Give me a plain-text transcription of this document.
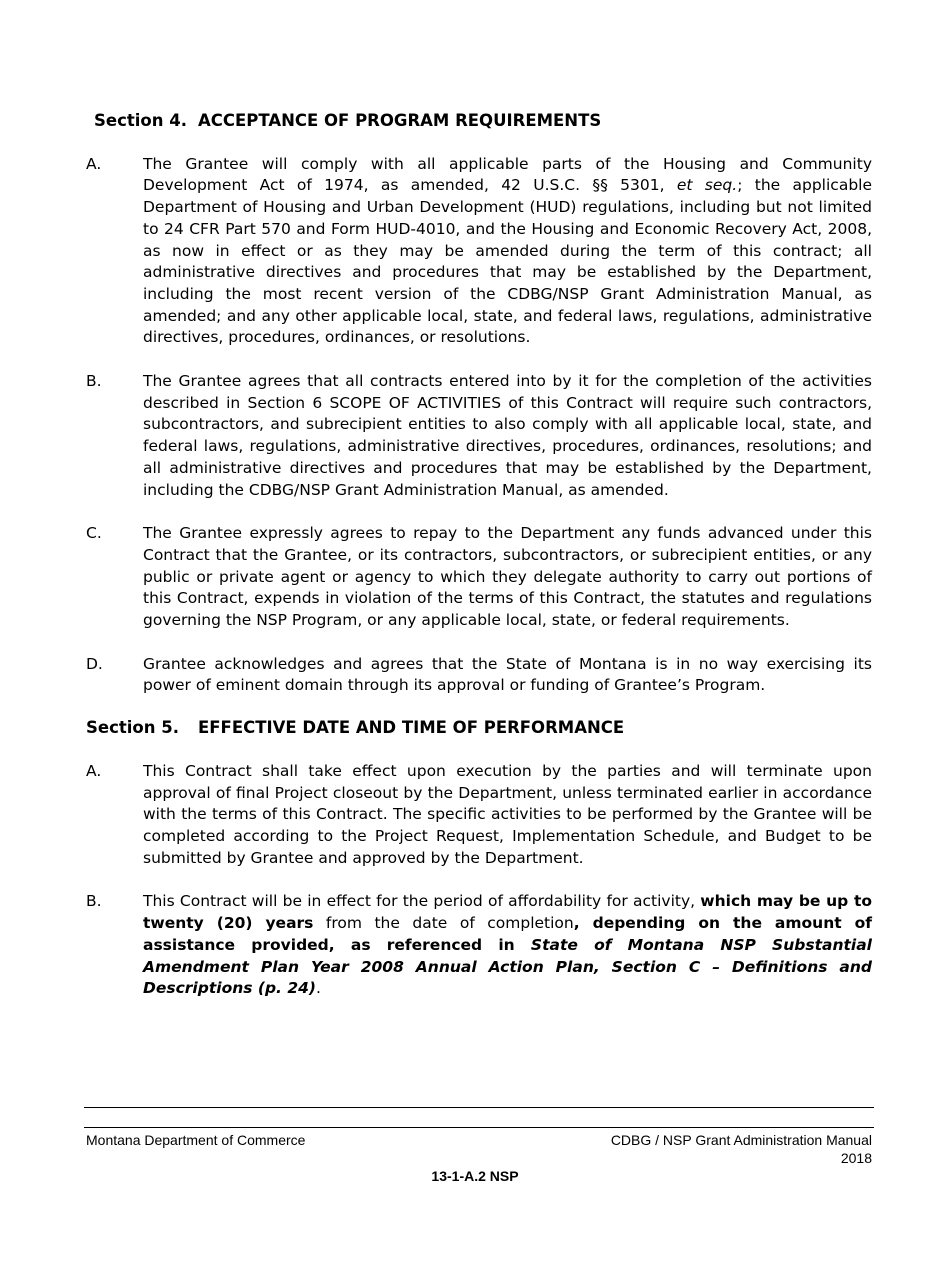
Section 4. ACCEPTANCE OF PROGRAM REQUIREMENTS
A.	The Grantee will comply with all applicable parts of the Housing and Community Development Act of 1974, as amended, 42 U.S.C. §§ 5301, et seq.; the applicable Department of Housing and Urban Development (HUD) regulations, including but not limited to 24 CFR Part 570 and Form HUD-4010, and the Housing and Economic Recovery Act, 2008, as now in effect or as they may be amended during the term of this contract; all administrative directives and procedures that may be established by the Department, including the most recent version of the CDBG/NSP Grant Administration Manual, as amended; and any other applicable local, state, and federal laws, regulations, administrative directives, procedures, ordinances, or resolutions.
B.	The Grantee agrees that all contracts entered into by it for the completion of the activities described in Section 6 SCOPE OF ACTIVITIES of this Contract will require such contractors, subcontractors, and subrecipient entities to also comply with all applicable local, state, and federal laws, regulations, administrative directives, procedures, ordinances, resolutions; and all administrative directives and procedures that may be established by the Department, including the CDBG/NSP Grant Administration Manual, as amended.
C.	The Grantee expressly agrees to repay to the Department any funds advanced under this Contract that the Grantee, or its contractors, subcontractors, or subrecipient entities, or any public or private agent or agency to which they delegate authority to carry out portions of this Contract, expends in violation of the terms of this Contract, the statutes and regulations governing the NSP Program, or any applicable local, state, or federal requirements.
D.	Grantee acknowledges and agrees that the State of Montana is in no way exercising its power of eminent domain through its approval or funding of Grantee’s Program.
Section 5.	EFFECTIVE DATE AND TIME OF PERFORMANCE
A.	This Contract shall take effect upon execution by the parties and will terminate upon approval of final Project closeout by the Department, unless terminated earlier in accordance with the terms of this Contract. The specific activities to be performed by the Grantee will be completed according to the Project Request, Implementation Schedule, and Budget to be submitted by Grantee and approved by the Department.
B.	This Contract will be in effect for the period of affordability for activity, which may be up to twenty (20) years from the date of completion, depending on the amount of assistance provided, as referenced in State of Montana NSP Substantial Amendment Plan Year 2008 Annual Action Plan, Section C – Definitions and Descriptions (p. 24).
Montana Department of Commerce	CDBG / NSP Grant Administration Manual
2018
13-1-A.2 NSP
